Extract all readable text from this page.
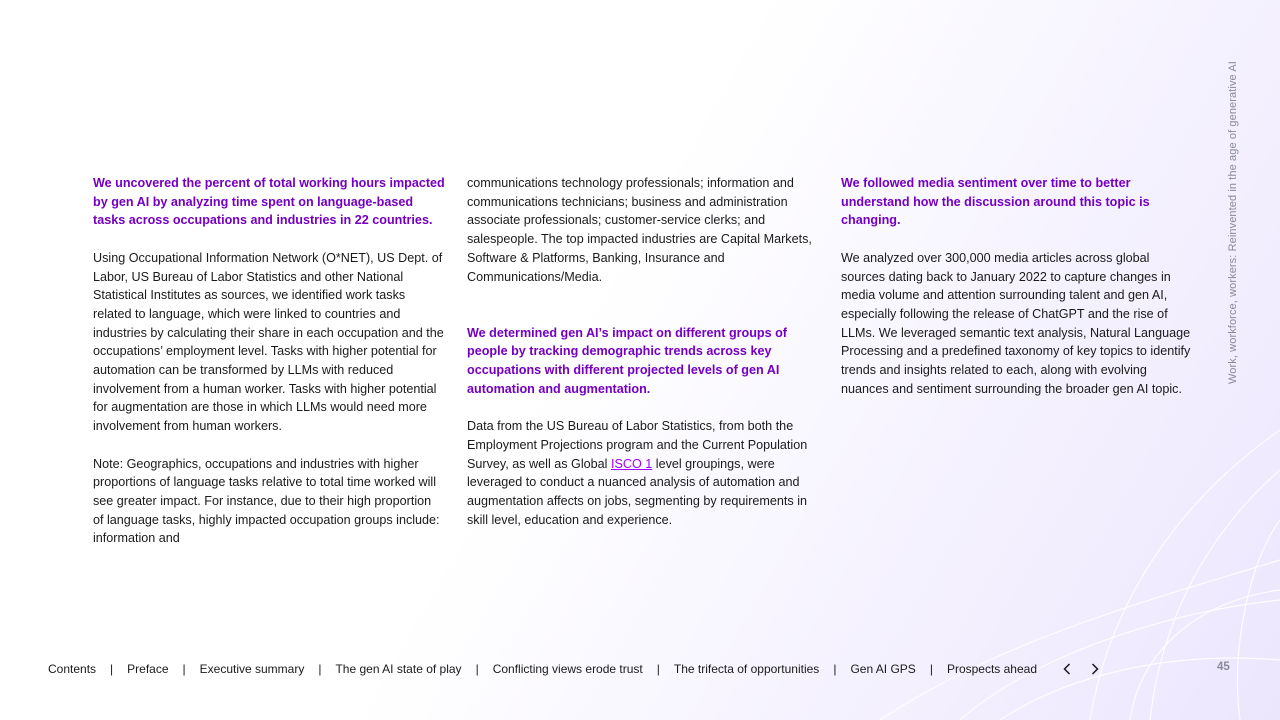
We uncovered the percent of total working hours impacted by gen AI by analyzing time spent on language-based tasks across occupations and industries in 22 countries.

Using Occupational Information Network (O*NET), US Dept. of Labor, US Bureau of Labor Statistics and other National Statistical Institutes as sources, we identified work tasks related to language, which were linked to countries and industries by calculating their share in each occupation and the occupations’ employment level. Tasks with higher potential for automation can be transformed by LLMs with reduced involvement from a human worker. Tasks with higher potential for augmentation are those in which LLMs would need more involvement from human workers.

Note: Geographics, occupations and industries with higher proportions of language tasks relative to total time worked will see greater impact. For instance, due to their high proportion of language tasks, highly impacted occupation groups include: information and

communications technology professionals; information and communications technicians; business and administration associate professionals; customer-service clerks; and salespeople. The top impacted industries are Capital Markets, Software & Platforms, Banking, Insurance and Communications/Media.

We determined gen AI’s impact on different groups of people by tracking demographic trends across key occupations with different projected levels of gen AI automation and augmentation.

Data from the US Bureau of Labor Statistics, from both the Employment Projections program and the Current Population Survey, as well as Global ISCO 1 level groupings, were leveraged to conduct a nuanced analysis of automation and augmentation affects on jobs, segmenting by requirements in skill level, education and experience.

We followed media sentiment over time to better understand how the discussion around this topic is changing.

We analyzed over 300,000 media articles across global sources dating back to January 2022 to capture changes in media volume and attention surrounding talent and gen AI, especially following the release of ChatGPT and the rise of LLMs. We leveraged semantic text analysis, Natural Language Processing and a predefined taxonomy of key topics to identify trends and insights related to each, along with evolving nuances and sentiment surrounding the broader gen AI topic.

Work, workforce, workers: Reinvented in the age of generative AI
Contents | Preface | Executive summary | The gen AI state of play | Conflicting views erode trust | The trifecta of opportunities | Gen AI GPS | Prospects ahead	45
